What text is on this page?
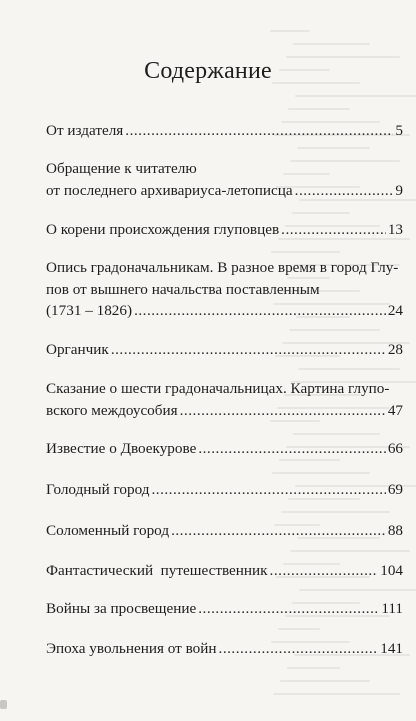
Содержание
От издателя .....	5
Обращение к читателю
от последнего архивариуса-летописца .....	9
О корени происхождения глуповцев .....	13
Опись градоначальникам. В разное время в город Глу-
пов от вышнего начальства поставленным
(1731 – 1826) .....	24
Органчик .....	28
Сказание о шести градоначальницах. Картина глупо-
вского междоусобия .....	47
Известие о Двоекурове .....	66
Голодный город .....	69
Соломенный город .....	88
Фантастический  путешественник .....	104
Войны за просвещение .....	111
Эпоха увольнения от войн .....	141
